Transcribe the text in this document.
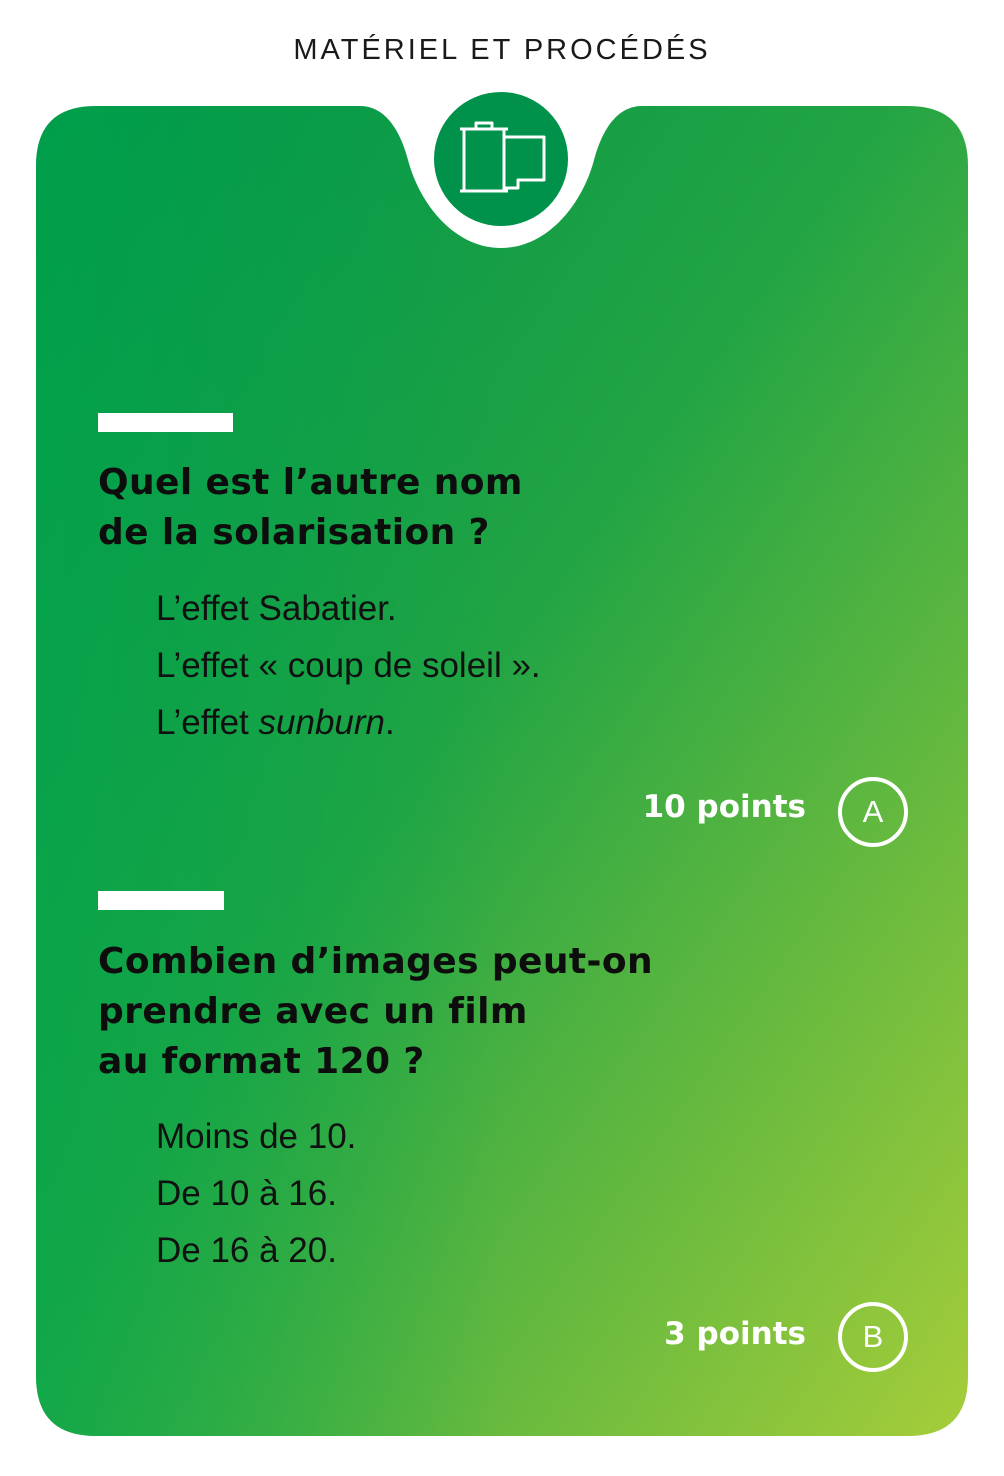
MATÉRIEL ET PROCÉDÉS
Quel est l’autre nom
de la solarisation ?
L’effet Sabatier.
L’effet « coup de soleil ».
L’effet sunburn.
10 points A
Combien d’images peut-on
prendre avec un film
au format 120 ?
Moins de 10.
De 10 à 16.
De 16 à 20.
3 points B
